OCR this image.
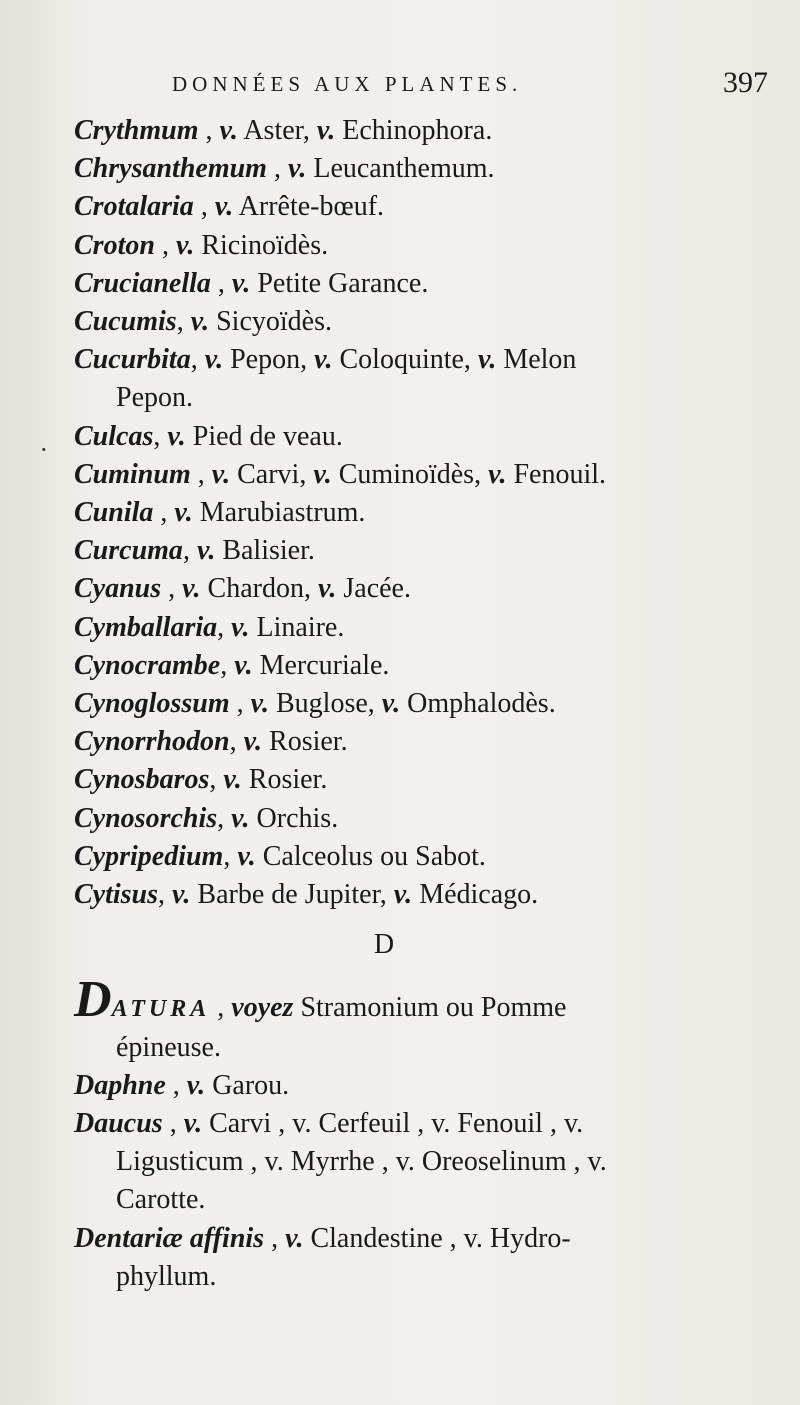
DONNÉES AUX PLANTES.	397
·

Crythmum , v. Aster, v. Echinophora.

Chrysanthemum , v. Leucanthemum.

Crotalaria , v. Arrête-bœuf.

Croton , v. Ricinoïdès.

Crucianella , v. Petite Garance.

Cucumis, v. Sicyoïdès.

Cucurbita, v. Pepon, v. Coloquinte, v. Melon
Pepon.

Culcas, v. Pied de veau.

Cuminum , v. Carvi, v. Cuminoïdès, v. Fenouil.

Cunila , v. Marubiastrum.

Curcuma, v. Balisier.

Cyanus , v. Chardon, v. Jacée.

Cymballaria, v. Linaire.

Cynocrambe, v. Mercuriale.

Cynoglossum , v. Buglose, v. Omphalodès.

Cynorrhodon, v. Rosier.

Cynosbaros, v. Rosier.

Cynosorchis, v. Orchis.

Cypripedium, v. Calceolus ou Sabot.

Cytisus, v. Barbe de Jupiter, v. Médicago.

D

DATURA , voyez Stramonium ou Pomme
épineuse.

Daphne , v. Garou.

Daucus , v. Carvi , v. Cerfeuil , v. Fenouil , v.
Ligusticum , v. Myrrhe , v. Oreoselinum , v.
Carotte.

Dentariæ affinis , v. Clandestine , v. Hydro-
phyllum.
